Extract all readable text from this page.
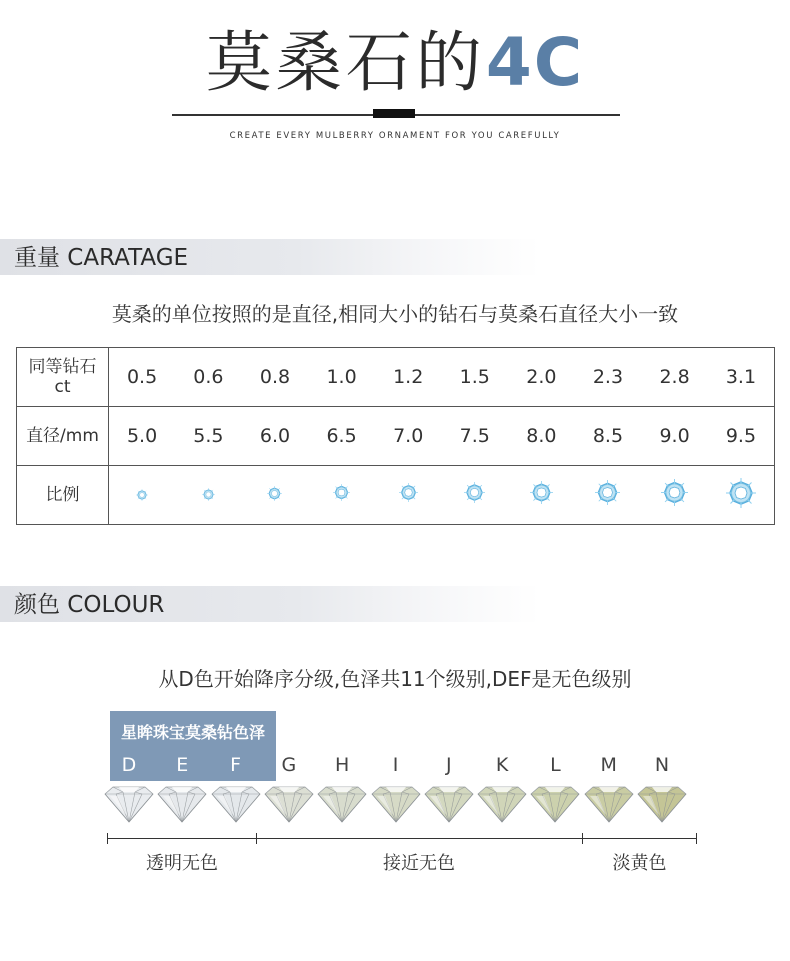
莫桑石的4C
CREATE EVERY MULBERRY ORNAMENT FOR YOU CAREFULLY
重量 CARATAGE
莫桑的单位按照的是直径,相同大小的钻石与莫桑石直径大小一致
同等钻石
ct	0.5	0.6	0.8	1.0	1.2	1.5	2.0	2.3	2.8	3.1
直径/mm	5.0	5.5	6.0	6.5	7.0	7.5	8.0	8.5	9.0	9.5
比例										
颜色 COLOUR
从D色开始降序分级,色泽共11个级别,DEF是无色级别
星眸珠宝莫桑钻色泽
D	E	F	G	H	I	J	K	L	M	N
透明无色	接近无色	淡黄色
